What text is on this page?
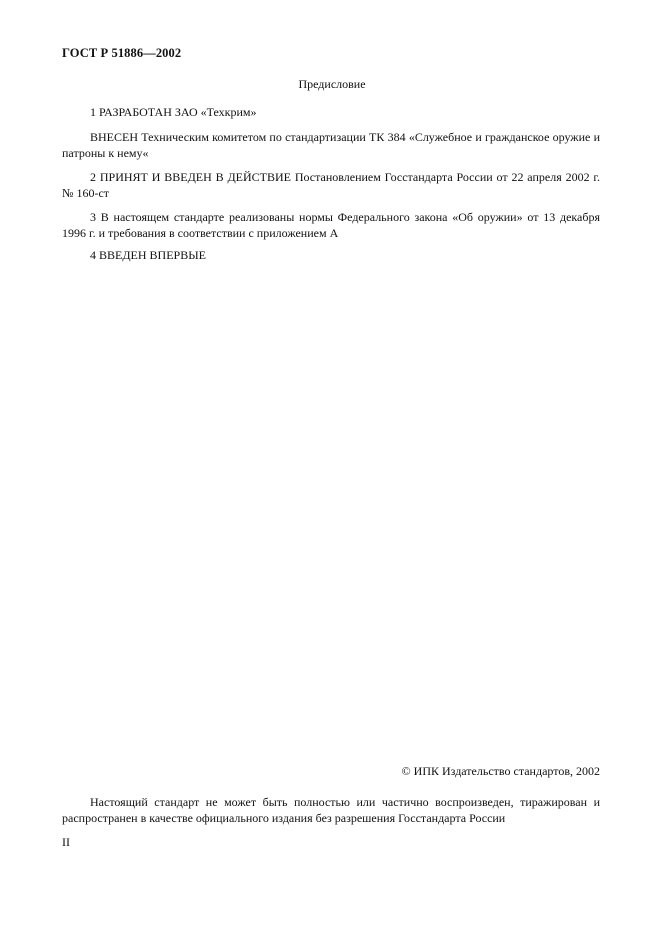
ГОСТ Р 51886—2002
Предисловие
1 РАЗРАБОТАН ЗАО «Техкрим»
ВНЕСЕН Техническим комитетом по стандартизации ТК 384 «Служебное и гражданское оружие и патроны к нему«
2 ПРИНЯТ И ВВЕДЕН В ДЕЙСТВИЕ Постановлением Госстандарта России от 22 апреля 2002 г. № 160-ст
3 В настоящем стандарте реализованы нормы Федерального закона «Об оружии» от 13 декабря 1996 г. и требования в соответствии с приложением А
4 ВВЕДЕН ВПЕРВЫЕ
© ИПК Издательство стандартов, 2002
Настоящий стандарт не может быть полностью или частично воспроизведен, тиражирован и распространен в качестве официального издания без разрешения Госстандарта России
II
